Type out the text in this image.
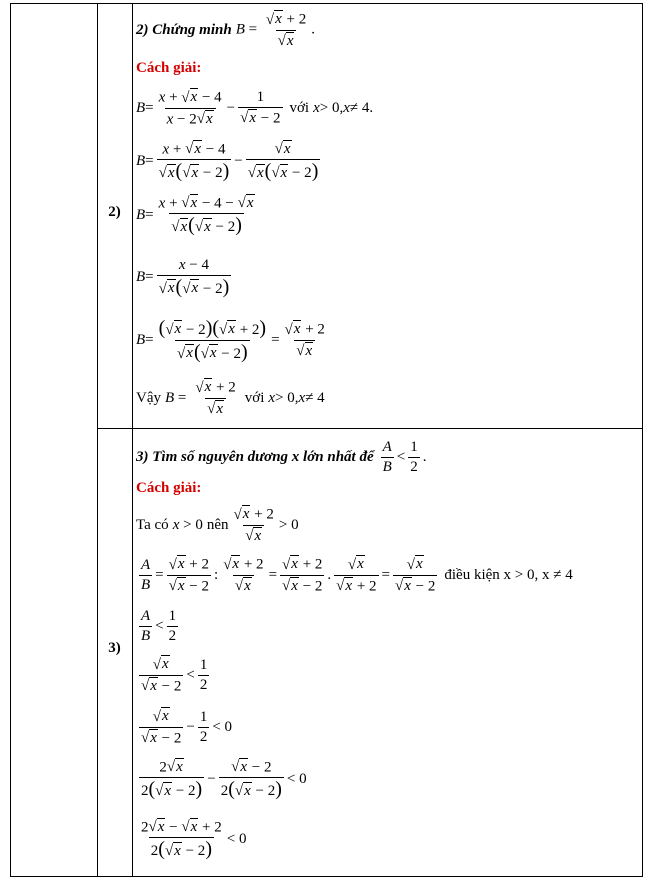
2)
2) Chứng minh $B = \frac{√ x + 2}{√ x}$ .
Cách giải:
$B = \frac{x + √ x - 4}{x - 2 √ x} - \frac{1}{√ x - 2}$ với x > 0, x ≠ 4.
$B = \frac{x + √ x - 4}{√ x ( √ x - 2)} - \frac{√ x}{√ x ( √ x - 2)}$
$B = \frac{x + √ x - 4 - √ x}{√ x ( √ x - 2)}$
$B = \frac{x - 4}{√ x ( √ x - 2)}$
$B = \frac{( √ x - 2)( √ x + 2)}{√ x ( √ x - 2)} = \frac{√ x + 2}{√ x}$
Vậy $B = \frac{√ x + 2}{√ x}$ với x > 0, x ≠ 4
3)
3) Tìm số nguyên dương x lớn nhất để $\frac{A}{B} < \frac{1}{2}$ .
Cách giải:
Ta có x > 0 nên $\frac{√ x + 2}{√ x} > 0$
$\frac{A}{B} = \frac{√ x + 2}{√ x - 2}$ : $\frac{√ x + 2}{√ x} = \frac{√ x + 2}{√ x - 2}$ . $\frac{√ x}{√ x + 2} = \frac{√ x}{√ x - 2}$ điều kiện x > 0, x ≠ 4
$\frac{A}{B} < \frac{1}{2}$
$\frac{√ x}{√ x - 2} < \frac{1}{2}$
$\frac{√ x}{√ x - 2} - \frac{1}{2} < 0$
$\frac{2 √ x}{2( √ x - 2)} - \frac{√ x - 2}{2( √ x - 2)} < 0$
$\frac{2 √ x - √ x + 2}{2( √ x - 2)} < 0$
